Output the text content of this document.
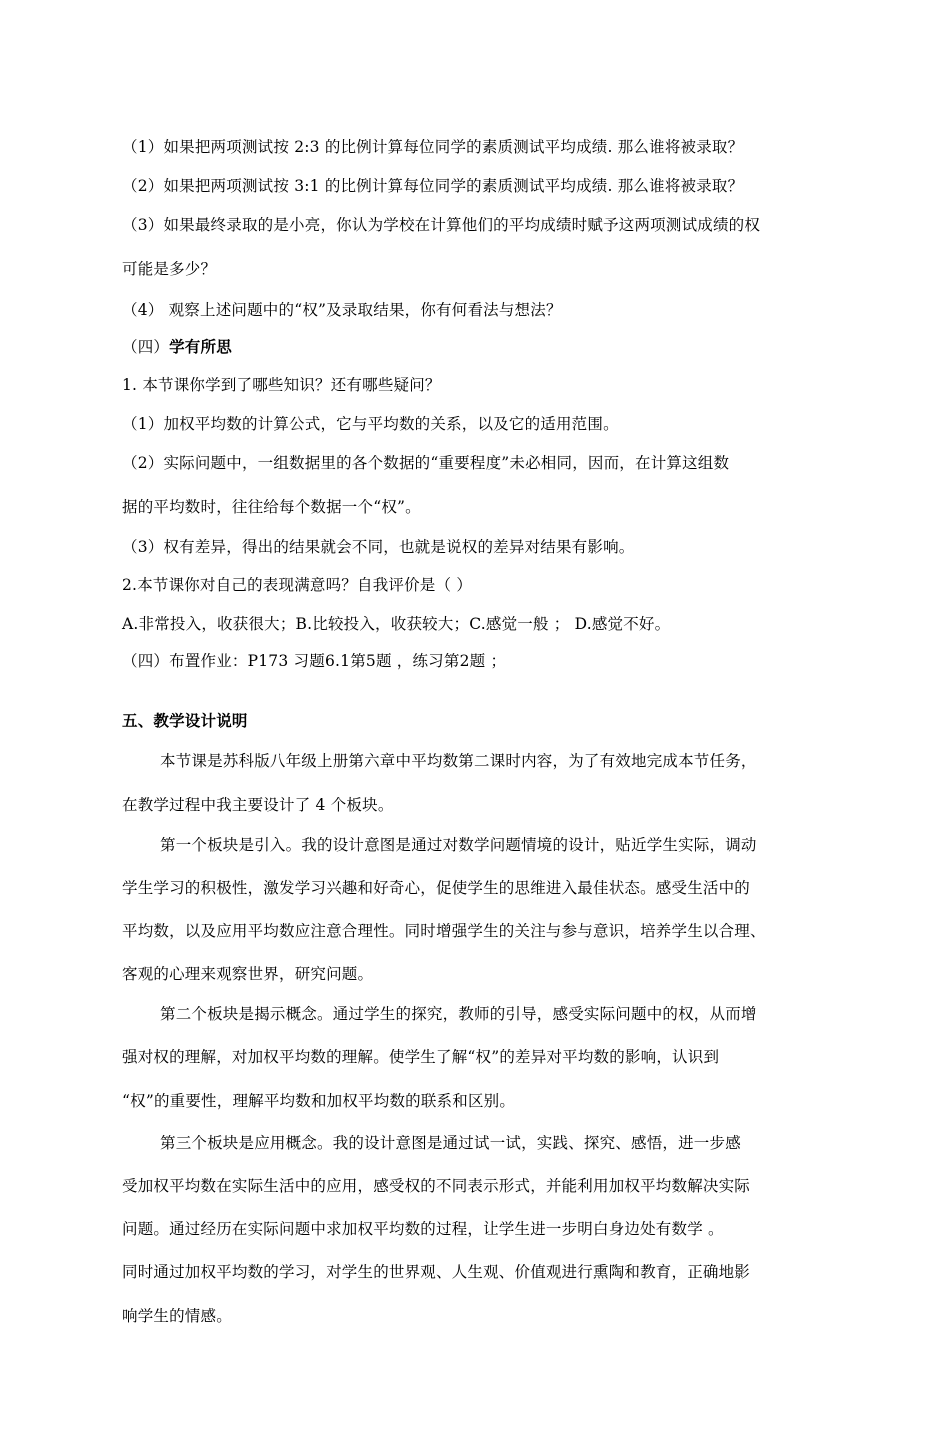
（1）如果把两项测试按 2:3 的比例计算每位同学的素质测试平均成绩. 那么谁将被录取？
（2）如果把两项测试按 3:1 的比例计算每位同学的素质测试平均成绩. 那么谁将被录取？
（3）如果最终录取的是小亮，你认为学校在计算他们的平均成绩时赋予这两项测试成绩的权
可能是多少？
（4） 观察上述问题中的“权”及录取结果，你有何看法与想法？
（四）学有所思
1. 本节课你学到了哪些知识？还有哪些疑问？
（1）加权平均数的计算公式，它与平均数的关系，以及它的适用范围。
（2）实际问题中，一组数据里的各个数据的“重要程度”未必相同，因而，在计算这组数
据的平均数时，往往给每个数据一个“权”。
（3）权有差异，得出的结果就会不同，也就是说权的差异对结果有影响。
2.本节课你对自己的表现满意吗？自我评价是（ ）
A.非常投入，收获很大；B.比较投入，收获较大；C.感觉一般 ； D.感觉不好。
（四）布置作业：P173 习题6.1第5题 ，练习第2题 ；
五、教学设计说明
本节课是苏科版八年级上册第六章中平均数第二课时内容，为了有效地完成本节任务，
在教学过程中我主要设计了 4 个板块。
第一个板块是引入。我的设计意图是通过对数学问题情境的设计，贴近学生实际，调动
学生学习的积极性，激发学习兴趣和好奇心，促使学生的思维进入最佳状态。感受生活中的
平均数，以及应用平均数应注意合理性。同时增强学生的关注与参与意识，培养学生以合理、
客观的心理来观察世界，研究问题。
第二个板块是揭示概念。通过学生的探究，教师的引导，感受实际问题中的权，从而增
强对权的理解，对加权平均数的理解。使学生了解“权”的差异对平均数的影响，认识到
“权”的重要性，理解平均数和加权平均数的联系和区别。
第三个板块是应用概念。我的设计意图是通过试一试，实践、探究、感悟，进一步感
受加权平均数在实际生活中的应用，感受权的不同表示形式，并能利用加权平均数解决实际
问题。通过经历在实际问题中求加权平均数的过程，让学生进一步明白身边处有数学 。
同时通过加权平均数的学习，对学生的世界观、人生观、价值观进行熏陶和教育，正确地影
响学生的情感。
